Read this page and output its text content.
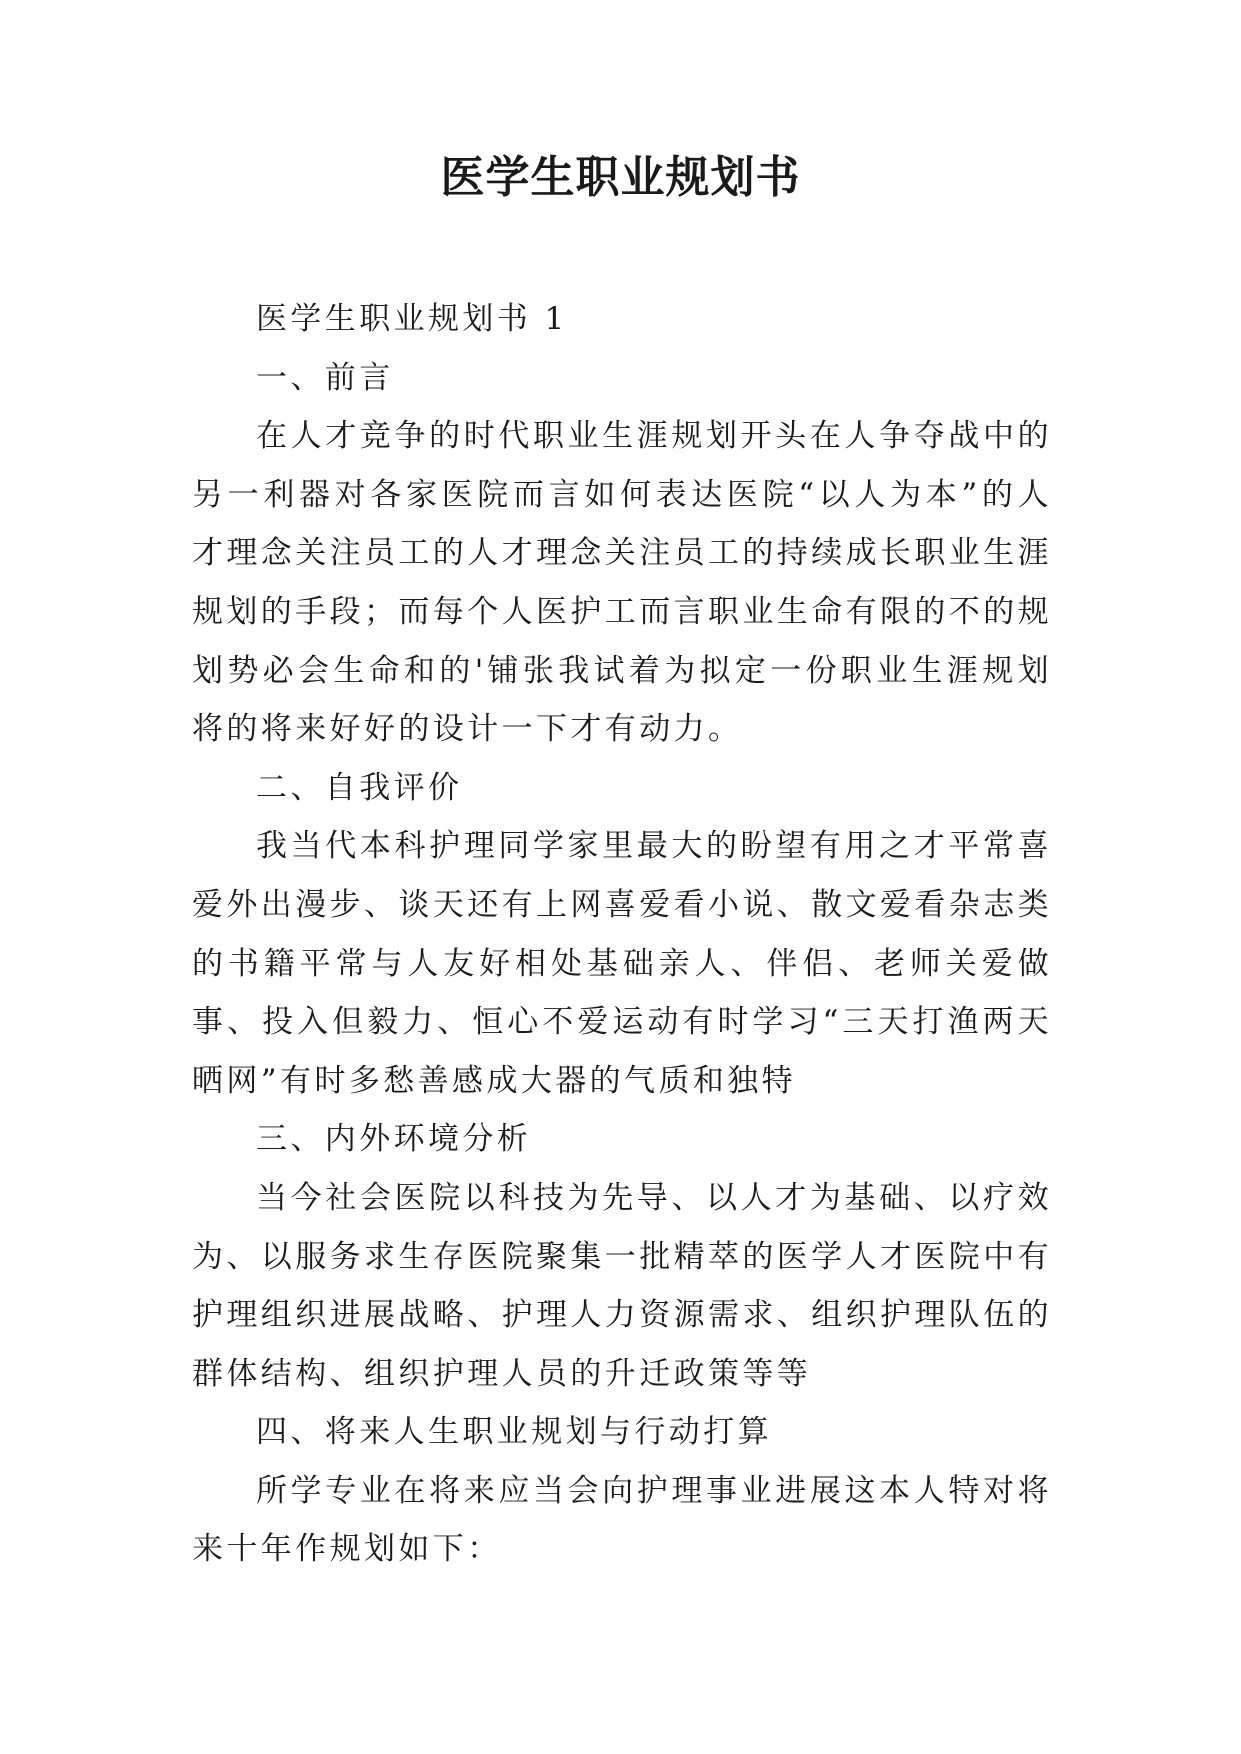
医学生职业规划书

医学生职业规划书 1

一、前言

在人才竞争的时代职业生涯规划开头在人争夺战中的另一利器对各家医院而言如何表达医院“以人为本”的人才理念关注员工的人才理念关注员工的持续成长职业生涯规划的手段；而每个人医护工而言职业生命有限的不的规划势必会生命和的'铺张我试着为拟定一份职业生涯规划将的将来好好的设计一下才有动力。

二、自我评价

我当代本科护理同学家里最大的盼望有用之才平常喜爱外出漫步、谈天还有上网喜爱看小说、散文爱看杂志类的书籍平常与人友好相处基础亲人、伴侣、老师关爱做事、投入但毅力、恒心不爱运动有时学习“三天打渔两天晒网”有时多愁善感成大器的气质和独特

三、内外环境分析

当今社会医院以科技为先导、以人才为基础、以疗效为、以服务求生存医院聚集一批精萃的医学人才医院中有护理组织进展战略、护理人力资源需求、组织护理队伍的群体结构、组织护理人员的升迁政策等等

四、将来人生职业规划与行动打算

所学专业在将来应当会向护理事业进展这本人特对将来十年作规划如下：
